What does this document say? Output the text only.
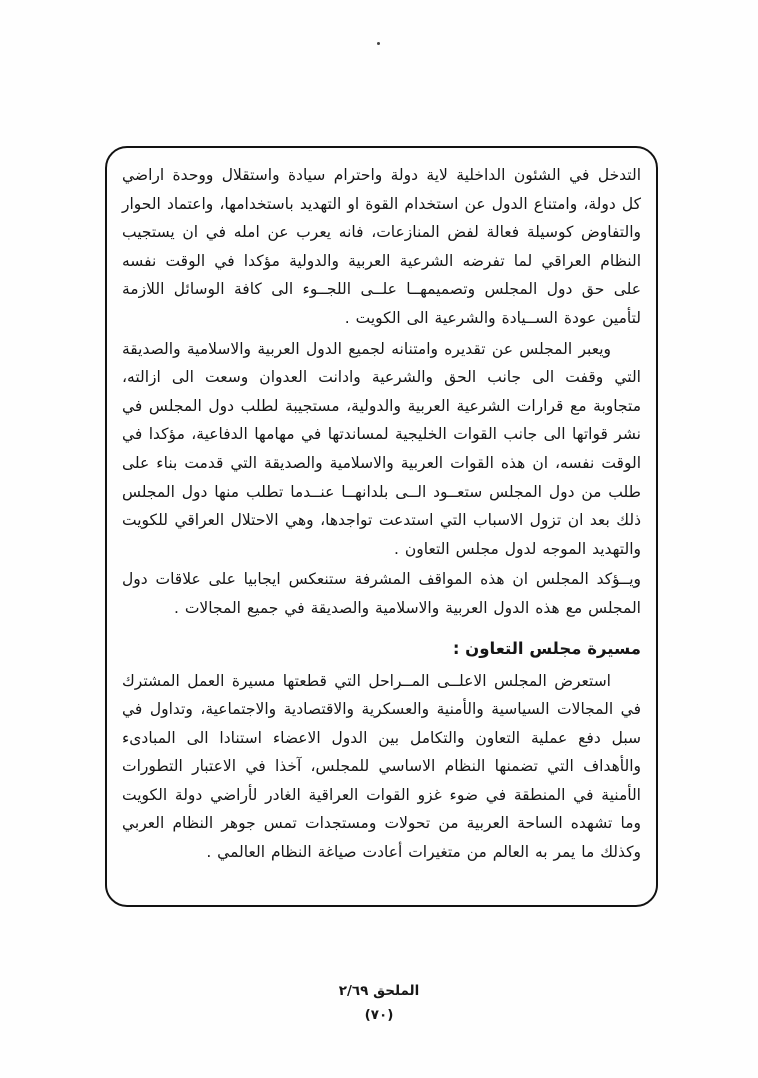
التدخل في الشئون الداخلية لاية دولة واحترام سيادة واستقلال ووحدة اراضي كل دولة، وامتناع الدول عن استخدام القوة او التهديد باستخدامها، واعتماد الحوار والتفاوض كوسيلة فعالة لفض المنازعات، فانه يعرب عن امله في ان يستجيب النظام العراقي لما تفرضه الشرعية العربية والدولية مؤكدا في الوقت نفسه على حق دول المجلس وتصميمهــا علــى اللجــوء الى كافة الوسائل اللازمة لتأمين عودة الســيادة والشرعية الى الكويت .

ويعبر المجلس عن تقديره وامتنانه لجميع الدول العربية والاسلامية والصديقة التي وقفت الى جانب الحق والشرعية وادانت العدوان وسعت الى ازالته، متجاوبة مع قرارات الشرعية العربية والدولية، مستجيبة لطلب دول المجلس في نشر قواتها الى جانب القوات الخليجية لمساندتها في مهامها الدفاعية، مؤكدا في الوقت نفسه، ان هذه القوات العربية والاسلامية والصديقة التي قدمت بناء على طلب من دول المجلس ستعــود الــى بلدانهــا عنــدما تطلب منها دول المجلس ذلك بعد ان تزول الاسباب التي استدعت تواجدها، وهي الاحتلال العراقي للكويت والتهديد الموجه لدول مجلس التعاون .

ويــؤكد المجلس ان هذه المواقف المشرفة ستنعكس ايجابيا على علاقات دول المجلس مع هذه الدول العربية والاسلامية والصديقة في جميع المجالات .

مسيرة مجلس التعاون :

استعرض المجلس الاعلــى المــراحل التي قطعتها مسيرة العمل المشترك في المجالات السياسية والأمنية والعسكرية والاقتصادية والاجتماعية، وتداول في سبل دفع عملية التعاون والتكامل بين الدول الاعضاء استنادا الى المبادىء والأهداف التي تضمنها النظام الاساسي للمجلس، آخذا في الاعتبار التطورات الأمنية في المنطقة في ضوء غزو القوات العراقية الغادر لأراضي دولة الكويت وما تشهده الساحة العربية من تحولات ومستجدات تمس جوهر النظام العربي وكذلك ما يمر به العالم من متغيرات أعادت صياغة النظام العالمي .

الملحق ٢/٦٩
(٧٠)
